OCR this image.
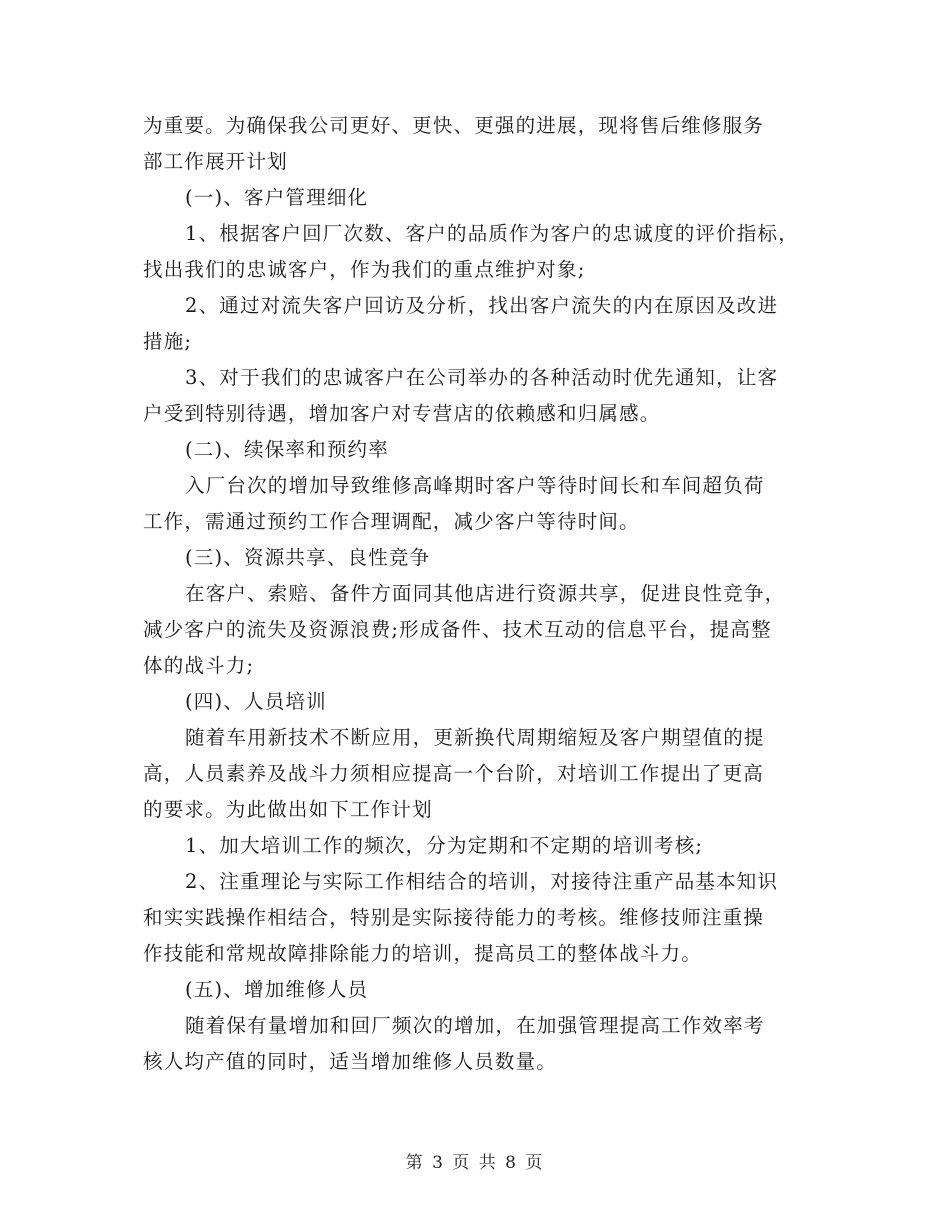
为重要。为确保我公司更好、更快、更强的进展，现将售后维修服务
部工作展开计划
(一)、客户管理细化
1、根据客户回厂次数、客户的品质作为客户的忠诚度的评价指标，
找出我们的忠诚客户，作为我们的重点维护对象;
2、通过对流失客户回访及分析，找出客户流失的内在原因及改进
措施;
3、对于我们的忠诚客户在公司举办的各种活动时优先通知，让客
户受到特别待遇，增加客户对专营店的依赖感和归属感。
(二)、续保率和预约率
入厂台次的增加导致维修高峰期时客户等待时间长和车间超负荷
工作，需通过预约工作合理调配，减少客户等待时间。
(三)、资源共享、良性竞争
在客户、索赔、备件方面同其他店进行资源共享，促进良性竞争，
减少客户的流失及资源浪费;形成备件、技术互动的信息平台，提高整
体的战斗力;
(四)、人员培训
随着车用新技术不断应用，更新换代周期缩短及客户期望值的提
高，人员素养及战斗力须相应提高一个台阶，对培训工作提出了更高
的要求。为此做出如下工作计划
1、加大培训工作的频次，分为定期和不定期的培训考核;
2、注重理论与实际工作相结合的培训，对接待注重产品基本知识
和实实践操作相结合，特别是实际接待能力的考核。维修技师注重操
作技能和常规故障排除能力的培训，提高员工的整体战斗力。
(五)、增加维修人员
随着保有量增加和回厂频次的增加，在加强管理提高工作效率考
核人均产值的同时，适当增加维修人员数量。
第 3 页 共 8 页
